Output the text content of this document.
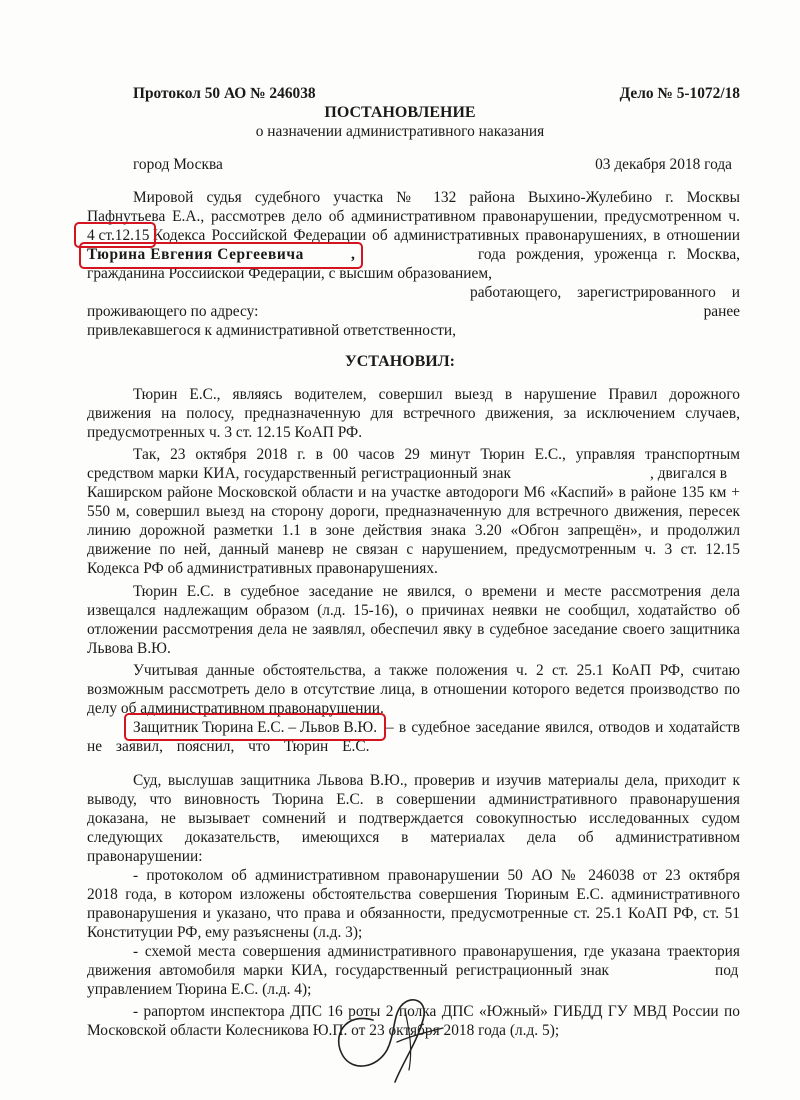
Протокол 50 АО № 246038	Дело № 5-1072/18
ПОСТАНОВЛЕНИЕ
о назначении административного наказания
город Москва	03 декабря 2018 года
Мировой судья судебного участка № 132 района Выхино-Жулебино г. Москвы
Пафнутьева Е.А., рассмотрев дело об административном правонарушении, предусмотренном ч.
4 ст.12.15 Кодекса Российской Федерации об административных правонарушениях, в отношении
Тюрина Евгения Сергеевича	,	года рождения, уроженца г. Москва,
гражданина Российской Федерации, с высшим образованием,
работающего, зарегистрированного и
проживающего по адресу:	ранее
привлекавшегося к административной ответственности,
УСТАНОВИЛ:
Тюрин Е.С., являясь водителем, совершил выезд в нарушение Правил дорожного
движения на полосу, предназначенную для встречного движения, за исключением случаев,
предусмотренных ч. 3 ст. 12.15 КоАП РФ.
Так, 23 октября 2018 г. в 00 часов 29 минут Тюрин Е.С., управляя транспортным
средством марки КИА, государственный регистрационный знак	, двигался в
Каширском районе Московской области и на участке автодороги М6 «Каспий» в районе 135 км +
550 м, совершил выезд на сторону дороги, предназначенную для встречного движения, пересек
линию дорожной разметки 1.1 в зоне действия знака 3.20 «Обгон запрещён», и продолжил
движение по ней, данный маневр не связан с нарушением, предусмотренным ч. 3 ст. 12.15
Кодекса РФ об административных правонарушениях.
Тюрин Е.С. в судебное заседание не явился, о времени и месте рассмотрения дела
извещался надлежащим образом (л.д. 15-16), о причинах неявки не сообщил, ходатайство об
отложении рассмотрения дела не заявлял, обеспечил явку в судебное заседание своего защитника
Львова В.Ю.
Учитывая данные обстоятельства, а также положения ч. 2 ст. 25.1 КоАП РФ, считаю
возможным рассмотреть дело в отсутствие лица, в отношении которого ведется производство по
делу об административном правонарушении.
Защитник Тюрина Е.С. – Львов В.Ю. – в судебное заседание явился, отводов и ходатайств
не заявил, пояснил, что Тюрин Е.С.
Суд, выслушав защитника Львова В.Ю., проверив и изучив материалы дела, приходит к
выводу, что виновность Тюрина Е.С. в совершении административного правонарушения
доказана, не вызывает сомнений и подтверждается совокупностью исследованных судом
следующих доказательств, имеющихся в материалах дела об административном
правонарушении:
- протоколом об административном правонарушении 50 АО № 246038 от 23 октября
2018 года, в котором изложены обстоятельства совершения Тюриным Е.С. административного
правонарушения и указано, что права и обязанности, предусмотренные ст. 25.1 КоАП РФ, ст. 51
Конституции РФ, ему разъяснены (л.д. 3);
- схемой места совершения административного правонарушения, где указана траектория
движения автомобиля марки КИА, государственный регистрационный знак	под
управлением Тюрина Е.С. (л.д. 4);
- рапортом инспектора ДПС 16 роты 2 полка ДПС «Южный» ГИБДД ГУ МВД России по
Московской области Колесникова Ю.П. от 23 октября 2018 года (л.д. 5);
